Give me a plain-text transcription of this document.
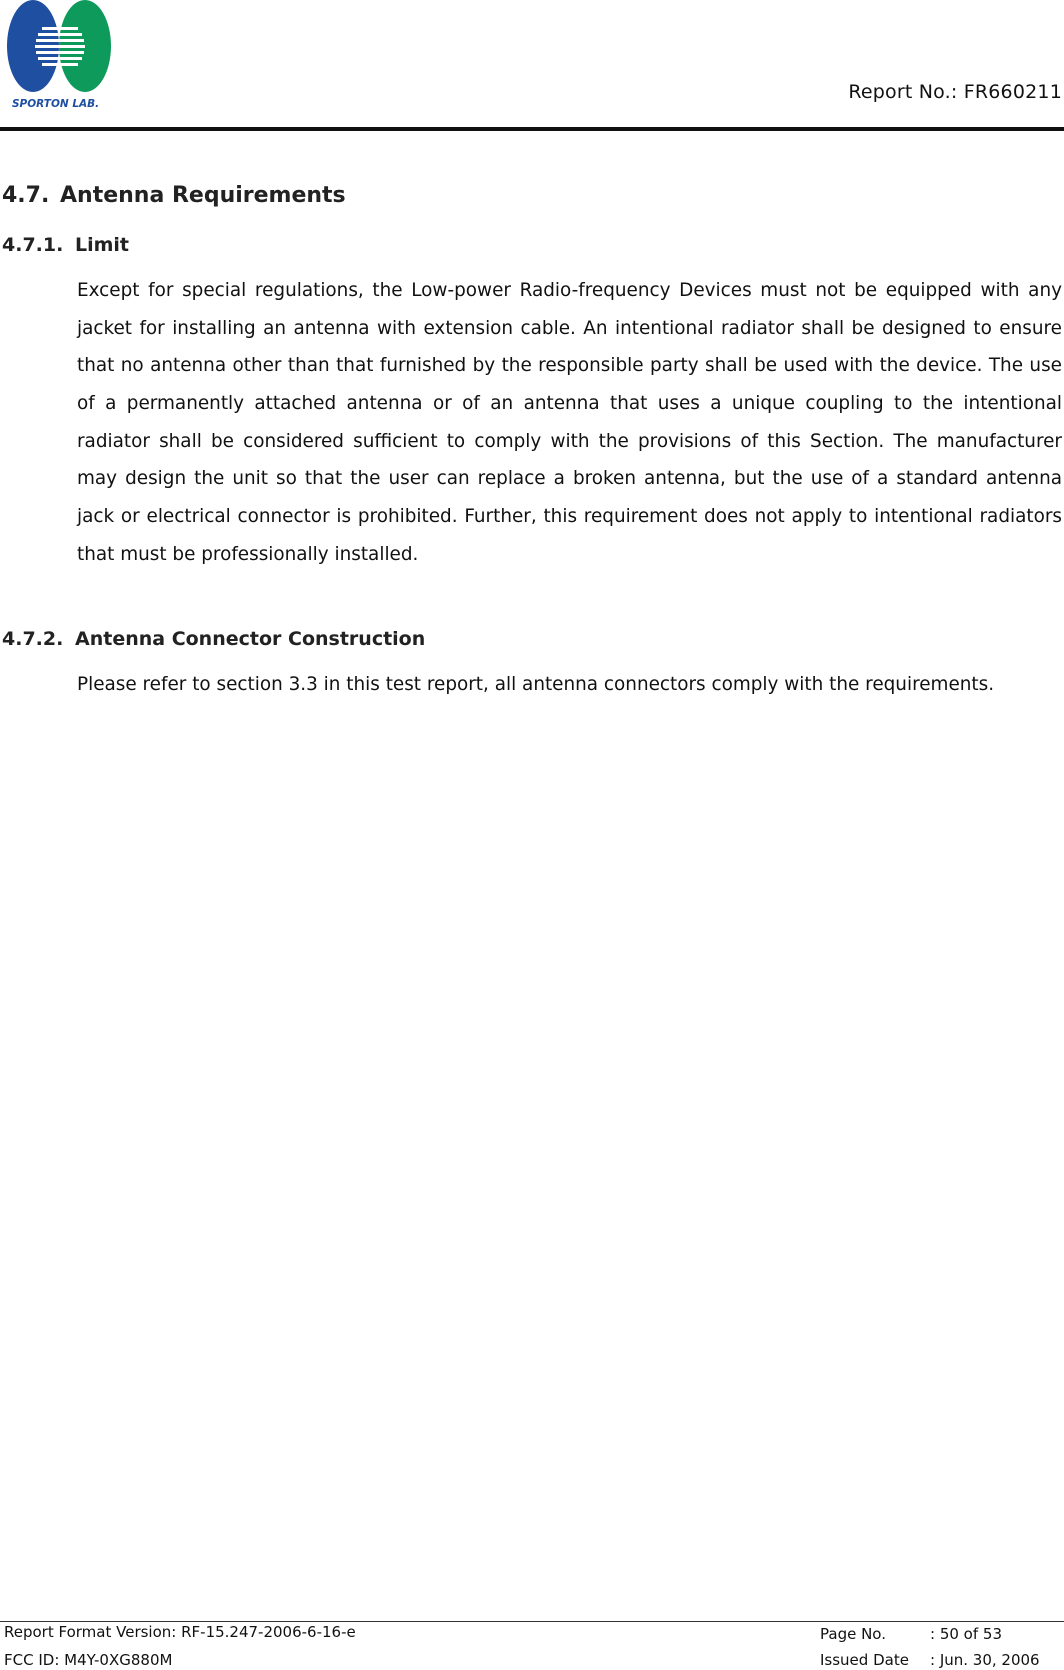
SPORTON LAB.
Report No.: FR660211
4.7. Antenna Requirements
4.7.1. Limit
Except for special regulations, the Low-power Radio-frequency Devices must not be equipped with any
jacket for installing an antenna with extension cable. An intentional radiator shall be designed to ensure
that no antenna other than that furnished by the responsible party shall be used with the device. The use
of a permanently attached antenna or of an antenna that uses a unique coupling to the intentional
radiator shall be considered sufficient to comply with the provisions of this Section. The manufacturer
may design the unit so that the user can replace a broken antenna, but the use of a standard antenna
jack or electrical connector is prohibited. Further, this requirement does not apply to intentional radiators
that must be professionally installed.
4.7.2. Antenna Connector Construction
Please refer to section 3.3 in this test report, all antenna connectors comply with the requirements.
Report Format Version: RF-15.247-2006-6-16-e
FCC ID: M4Y-0XG880M
Page No.	: 50 of 53
Issued Date : Jun. 30, 2006
